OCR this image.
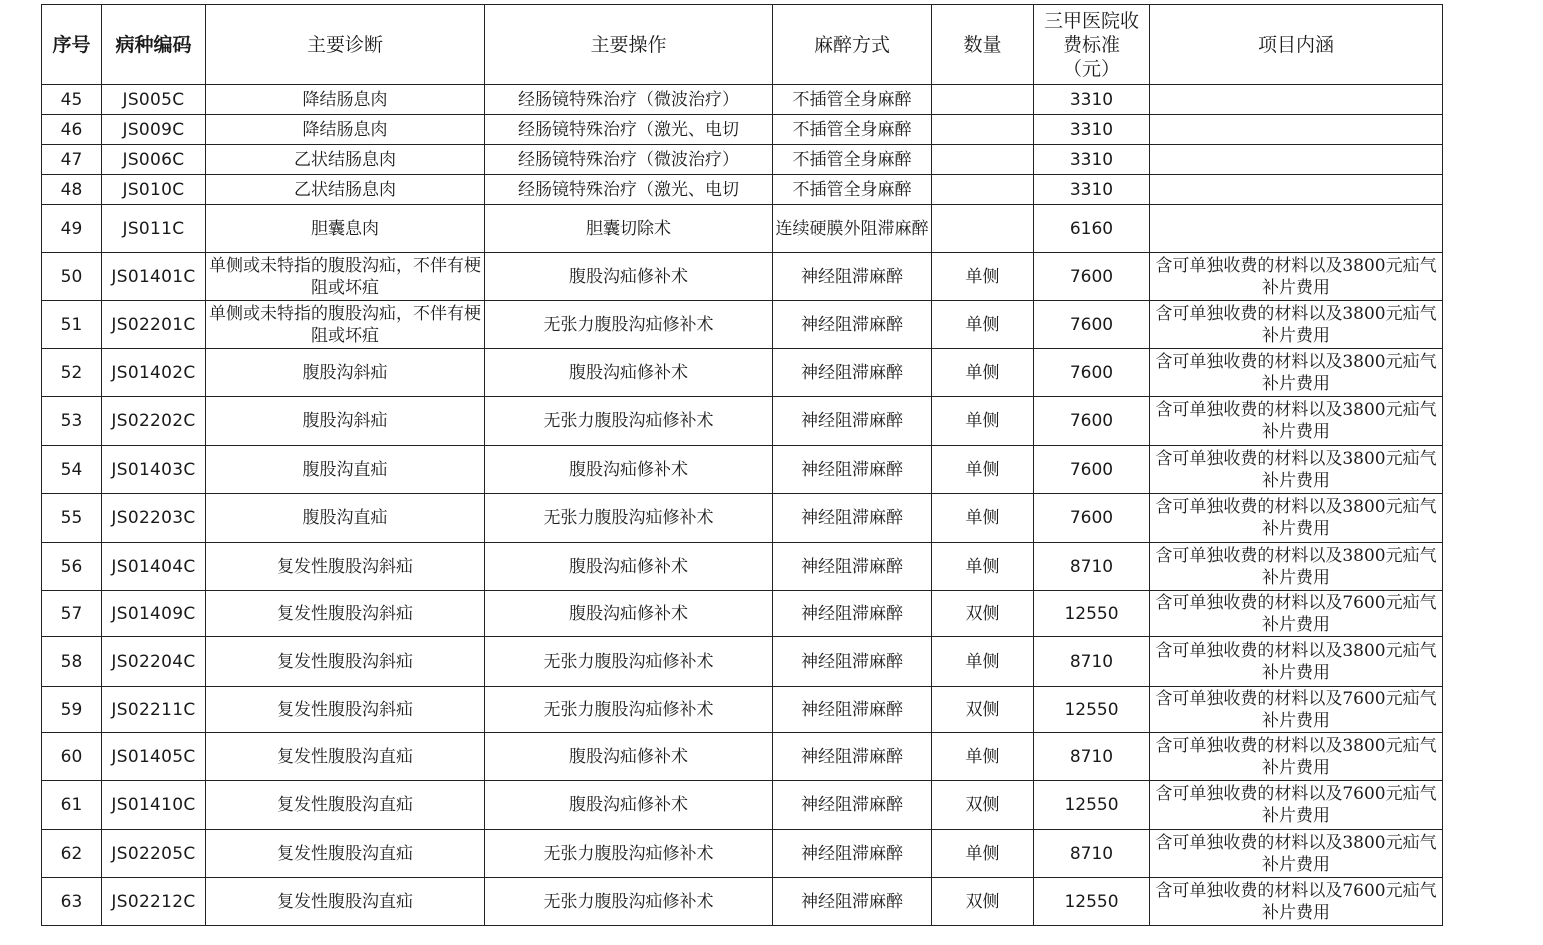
序号	病种编码	主要诊断	主要操作	麻醉方式	数量	三甲医院收费标准（元）	项目内涵
45	JS005C	降结肠息肉	经肠镜特殊治疗（微波治疗）	不插管全身麻醉		3310	

46	JS009C	降结肠息肉	经肠镜特殊治疗（激光、电切	不插管全身麻醉		3310	

47	JS006C	乙状结肠息肉	经肠镜特殊治疗（微波治疗）	不插管全身麻醉		3310	

48	JS010C	乙状结肠息肉	经肠镜特殊治疗（激光、电切	不插管全身麻醉		3310	

49	JS011C	胆囊息肉	胆囊切除术	连续硬膜外阻滞麻醉		6160	

50	JS01401C	单侧或未特指的腹股沟疝，不伴有梗阻或坏疽	腹股沟疝修补术	神经阻滞麻醉	单侧	7600	含可单独收费的材料以及3800元疝气补片费用

51	JS02201C	单侧或未特指的腹股沟疝，不伴有梗阻或坏疽	无张力腹股沟疝修补术	神经阻滞麻醉	单侧	7600	含可单独收费的材料以及3800元疝气补片费用

52	JS01402C	腹股沟斜疝	腹股沟疝修补术	神经阻滞麻醉	单侧	7600	含可单独收费的材料以及3800元疝气补片费用

53	JS02202C	腹股沟斜疝	无张力腹股沟疝修补术	神经阻滞麻醉	单侧	7600	含可单独收费的材料以及3800元疝气补片费用

54	JS01403C	腹股沟直疝	腹股沟疝修补术	神经阻滞麻醉	单侧	7600	含可单独收费的材料以及3800元疝气补片费用

55	JS02203C	腹股沟直疝	无张力腹股沟疝修补术	神经阻滞麻醉	单侧	7600	含可单独收费的材料以及3800元疝气补片费用

56	JS01404C	复发性腹股沟斜疝	腹股沟疝修补术	神经阻滞麻醉	单侧	8710	含可单独收费的材料以及3800元疝气补片费用

57	JS01409C	复发性腹股沟斜疝	腹股沟疝修补术	神经阻滞麻醉	双侧	12550	含可单独收费的材料以及7600元疝气补片费用

58	JS02204C	复发性腹股沟斜疝	无张力腹股沟疝修补术	神经阻滞麻醉	单侧	8710	含可单独收费的材料以及3800元疝气补片费用

59	JS02211C	复发性腹股沟斜疝	无张力腹股沟疝修补术	神经阻滞麻醉	双侧	12550	含可单独收费的材料以及7600元疝气补片费用

60	JS01405C	复发性腹股沟直疝	腹股沟疝修补术	神经阻滞麻醉	单侧	8710	含可单独收费的材料以及3800元疝气补片费用

61	JS01410C	复发性腹股沟直疝	腹股沟疝修补术	神经阻滞麻醉	双侧	12550	含可单独收费的材料以及7600元疝气补片费用

62	JS02205C	复发性腹股沟直疝	无张力腹股沟疝修补术	神经阻滞麻醉	单侧	8710	含可单独收费的材料以及3800元疝气补片费用

63	JS02212C	复发性腹股沟直疝	无张力腹股沟疝修补术	神经阻滞麻醉	双侧	12550	含可单独收费的材料以及7600元疝气补片费用
